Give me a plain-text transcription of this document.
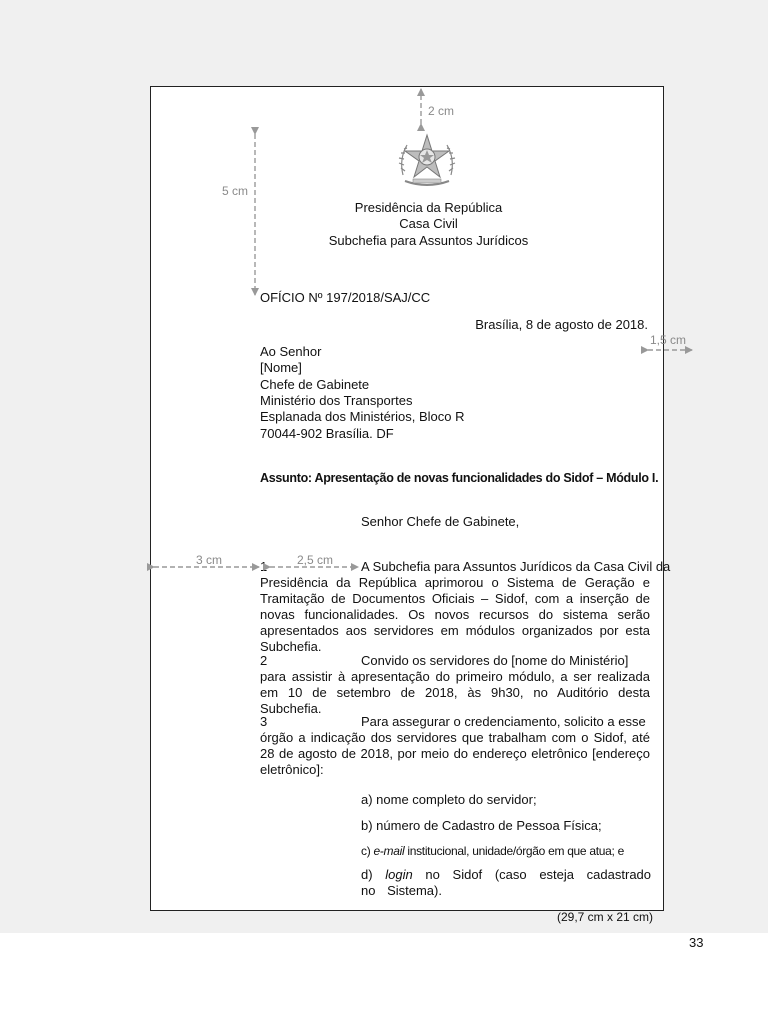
Presidência da República
Casa Civil
Subchefia para Assuntos Jurídicos
OFÍCIO Nº 197/2018/SAJ/CC
Brasília, 8 de agosto de 2018.
Ao Senhor
[Nome]
Chefe de Gabinete
Ministério dos Transportes
Esplanada dos Ministérios, Bloco R
70044-902 Brasília. DF
Assunto: Apresentação de novas funcionalidades do Sidof – Módulo I.
Senhor Chefe de Gabinete,
1	A Subchefia para Assuntos Jurídicos da Casa Civil da
Presidência da República aprimorou o Sistema de Geração e Tramitação de Documentos Oficiais – Sidof, com a inserção de novas funcionalidades. Os novos recursos do sistema serão apresentados aos servidores em módulos organizados por esta Subchefia.
2	Convido os servidores do [nome do Ministério]
para assistir à apresentação do primeiro módulo, a ser realizada em 10 de setembro de 2018, às 9h30, no Auditório desta Subchefia.
3	Para assegurar o credenciamento, solicito a esse
órgão a indicação dos servidores que trabalham com o Sidof, até 28 de agosto de 2018, por meio do endereço eletrônico [endereço eletrônico]:
a) nome completo do servidor;
b) número de Cadastro de Pessoa Física;
c) e-mail institucional, unidade/órgão em que atua; e
d) login no Sidof (caso esteja cadastrado no Sistema).
2 cm
5 cm
1,5 cm
3 cm	2,5 cm
(29,7 cm x 21 cm)
33
